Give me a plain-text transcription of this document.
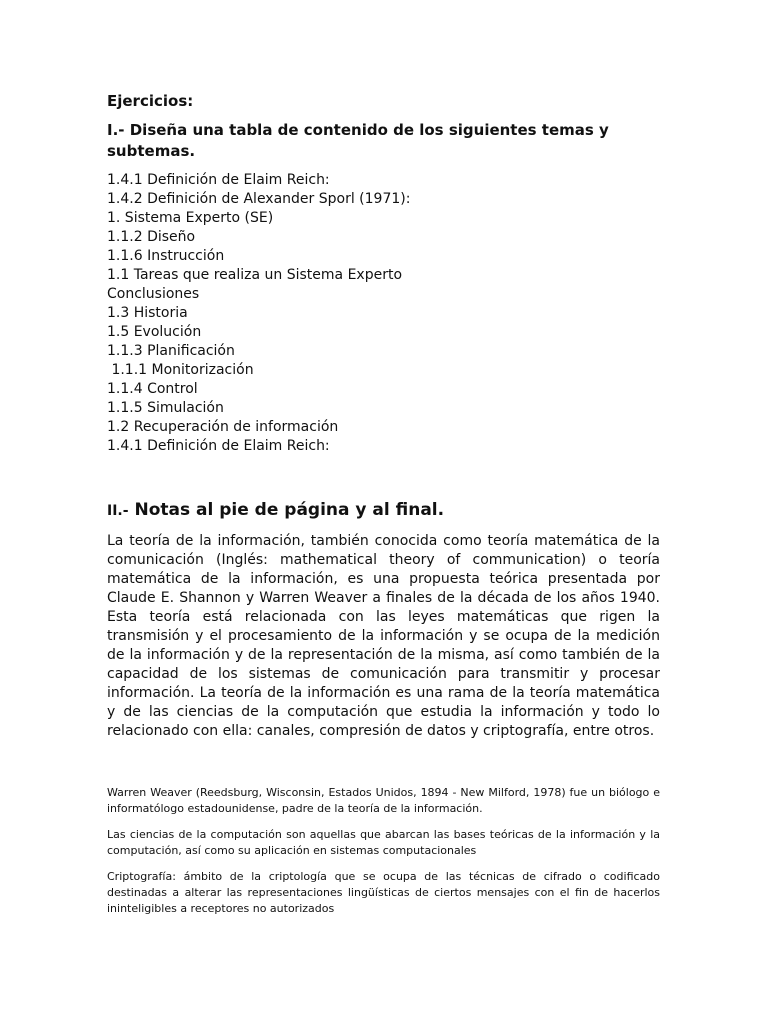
Ejercicios:
I.- Diseña una tabla de contenido de los siguientes temas y subtemas.
1.4.1 Definición de Elaim Reich:
1.4.2 Definición de Alexander Sporl (1971):
1. Sistema Experto (SE)
1.1.2 Diseño
1.1.6 Instrucción
1.1 Tareas que realiza un Sistema Experto
Conclusiones
1.3 Historia
1.5 Evolución
1.1.3 Planificación
1.1.1 Monitorización
1.1.4 Control
1.1.5 Simulación
1.2 Recuperación de información
1.4.1 Definición de Elaim Reich:
II.- Notas al pie de página y al final.

La teoría de la información, también conocida como teoría matemática de la comunicación (Inglés: mathematical theory of communication) o teoría matemática de la información, es una propuesta teórica presentada por Claude E. Shannon y Warren Weaver a finales de la década de los años 1940. Esta teoría está relacionada con las leyes matemáticas que rigen la transmisión y el procesamiento de la información y se ocupa de la medición de la información y de la representación de la misma, así como también de la capacidad de los sistemas de comunicación para transmitir y procesar información. La teoría de la información es una rama de la teoría matemática y de las ciencias de la computación que estudia la información y todo lo relacionado con ella: canales, compresión de datos y criptografía, entre otros.

Warren Weaver (Reedsburg, Wisconsin, Estados Unidos, 1894 - New Milford, 1978) fue un biólogo e informatólogo estadounidense, padre de la teoría de la información.

Las ciencias de la computación son aquellas que abarcan las bases teóricas de la información y la computación, así como su aplicación en sistemas computacionales

Criptografía: ámbito de la criptología que se ocupa de las técnicas de cifrado o codificado destinadas a alterar las representaciones lingüísticas de ciertos mensajes con el fin de hacerlos ininteligibles a receptores no autorizados
